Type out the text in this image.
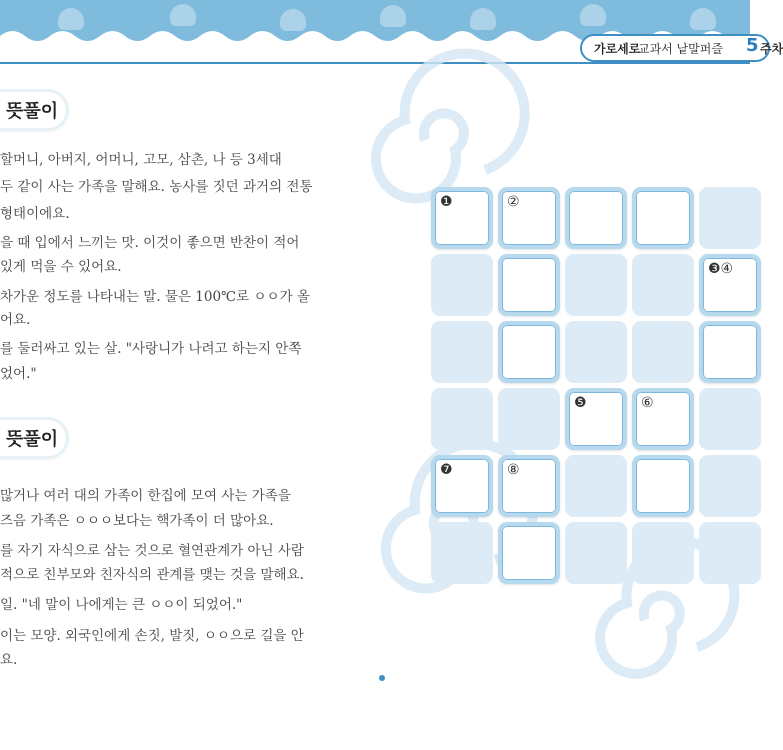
가로세로
교과서 낱말퍼즐 5 주차
뜻풀이
할머니, 아버지, 어머니, 고모, 삼촌, 나 등 3세대
두 같이 사는 가족을 말해요. 농사를 짓던 과거의 전통
형태이에요.
을 때 입에서 느끼는 맛. 이것이 좋으면 반찬이 적어
있게 먹을 수 있어요.
차가운 정도를 나타내는 말. 물은 100℃로 ㅇㅇ가 올
어요.
를 둘러싸고 있는 살. "사랑니가 나려고 하는지 안쪽
었어."
뜻풀이
많거나 여러 대의 가족이 한집에 모여 사는 가족을
즈음 가족은 ㅇㅇㅇ보다는 핵가족이 더 많아요.
를 자기 자식으로 삼는 것으로 혈연관계가 아닌 사람
적으로 친부모와 친자식의 관계를 맺는 것을 말해요.
일. "네 말이 나에게는 큰 ㅇㅇ이 되었어."
이는 모양. 외국인에게 손짓, 발짓, ㅇㅇ으로 길을 안
요.
❶	②
❸④
❺	⑥
❼	⑧
